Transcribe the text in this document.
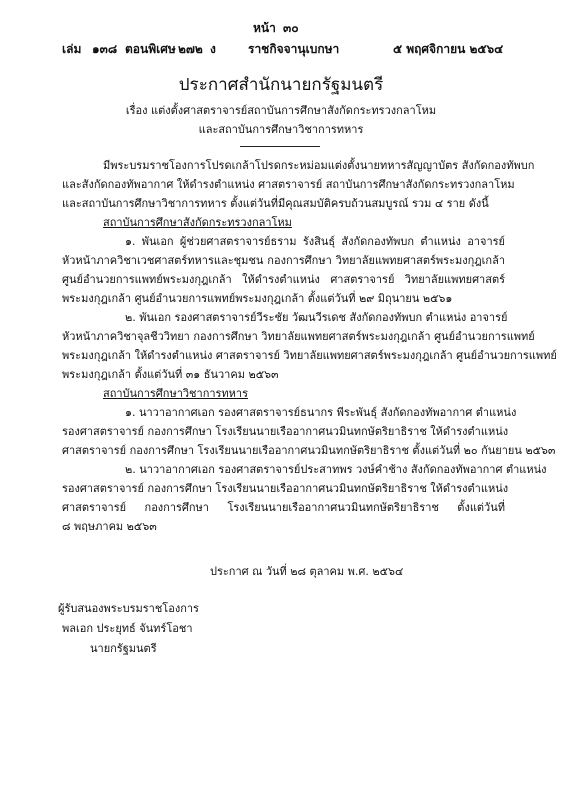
หน้า ๓๐
เล่ม ๑๓๘ ตอนพิเศษ ๒๗๒ ง	ราชกิจจานุเบกษา	๕ พฤศจิกายน ๒๕๖๔
ประกาศสำนักนายกรัฐมนตรี
เรื่อง แต่งตั้งศาสตราจารย์สถาบันการศึกษาสังกัดกระทรวงกลาโหม
และสถาบันการศึกษาวิชาการทหาร
มีพระบรมราชโองการโปรดเกล้าโปรดกระหม่อมแต่งตั้งนายทหารสัญญาบัตร สังกัดกองทัพบก
และสังกัดกองทัพอากาศ ให้ดำรงตำแหน่ง ศาสตราจารย์ สถาบันการศึกษาสังกัดกระทรวงกลาโหม
และสถาบันการศึกษาวิชาการทหาร ตั้งแต่วันที่มีคุณสมบัติครบถ้วนสมบูรณ์ รวม ๔ ราย ดังนี้
สถาบันการศึกษาสังกัดกระทรวงกลาโหม
๑. พันเอก ผู้ช่วยศาสตราจารย์ธราม รังสินธุ์ สังกัดกองทัพบก ตำแหน่ง อาจารย์
หัวหน้าภาควิชาเวชศาสตร์ทหารและชุมชน กองการศึกษา วิทยาลัยแพทยศาสตร์พระมงกุฎเกล้า
ศูนย์อำนวยการแพทย์พระมงกุฎเกล้า ให้ดำรงตำแหน่ง ศาสตราจารย์ วิทยาลัยแพทยศาสตร์
พระมงกุฎเกล้า ศูนย์อำนวยการแพทย์พระมงกุฎเกล้า ตั้งแต่วันที่ ๒๙ มิถุนายน ๒๕๖๑
๒. พันเอก รองศาสตราจารย์วีระชัย วัฒนวีรเดช สังกัดกองทัพบก ตำแหน่ง อาจารย์
หัวหน้าภาควิชาจุลชีววิทยา กองการศึกษา วิทยาลัยแพทยศาสตร์พระมงกุฎเกล้า ศูนย์อำนวยการแพทย์
พระมงกุฎเกล้า ให้ดำรงตำแหน่ง ศาสตราจารย์ วิทยาลัยแพทยศาสตร์พระมงกุฎเกล้า ศูนย์อำนวยการแพทย์
พระมงกุฎเกล้า ตั้งแต่วันที่ ๓๑ ธันวาคม ๒๕๖๓
สถาบันการศึกษาวิชาการทหาร
๑. นาวาอากาศเอก รองศาสตราจารย์ธนากร พีระพันธุ์ สังกัดกองทัพอากาศ ตำแหน่ง
รองศาสตราจารย์ กองการศึกษา โรงเรียนนายเรืออากาศนวมินทกษัตริยาธิราช ให้ดำรงตำแหน่ง
ศาสตราจารย์ กองการศึกษา โรงเรียนนายเรืออากาศนวมินทกษัตริยาธิราช ตั้งแต่วันที่ ๒๐ กันยายน ๒๕๖๓
๒. นาวาอากาศเอก รองศาสตราจารย์ประสาทพร วงษ์คำช้าง สังกัดกองทัพอากาศ ตำแหน่ง
รองศาสตราจารย์ กองการศึกษา โรงเรียนนายเรืออากาศนวมินทกษัตริยาธิราช ให้ดำรงตำแหน่ง
ศาสตราจารย์ กองการศึกษา โรงเรียนนายเรืออากาศนวมินทกษัตริยาธิราช ตั้งแต่วันที่
๘ พฤษภาคม ๒๕๖๓
ประกาศ ณ วันที่ ๒๘ ตุลาคม พ.ศ. ๒๕๖๔
ผู้รับสนองพระบรมราชโองการ
พลเอก ประยุทธ์ จันทร์โอชา
นายกรัฐมนตรี
